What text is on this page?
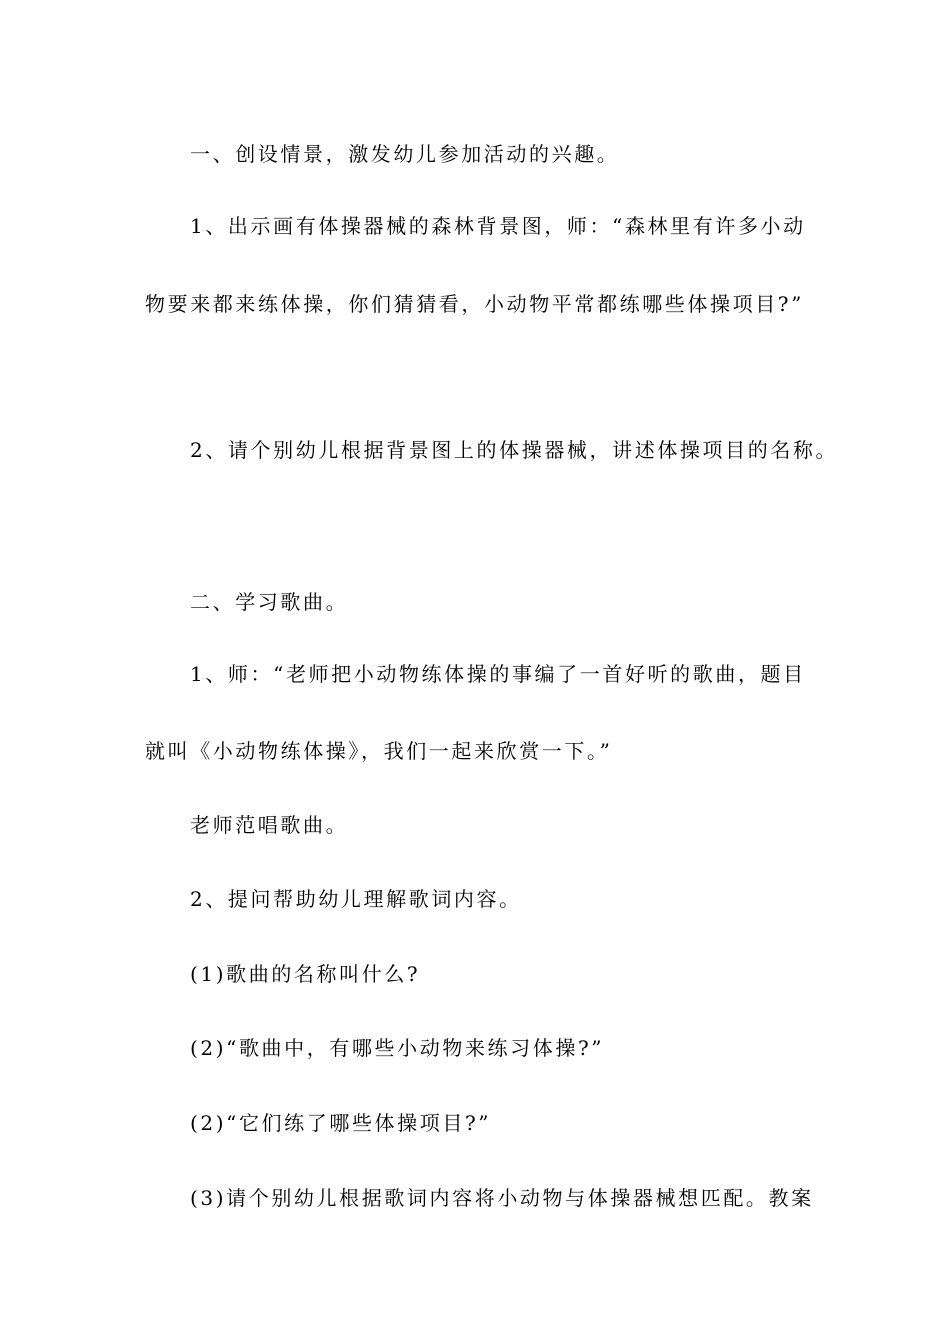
一、创设情景，激发幼儿参加活动的兴趣。
1、出示画有体操器械的森林背景图，师：“森林里有许多小动
物要来都来练体操，你们猜猜看，小动物平常都练哪些体操项目?”
2、请个别幼儿根据背景图上的体操器械，讲述体操项目的名称。
二、学习歌曲。
1、师：“老师把小动物练体操的事编了一首好听的歌曲，题目
就叫《小动物练体操》，我们一起来欣赏一下。”
老师范唱歌曲。
2、提问帮助幼儿理解歌词内容。
(1)歌曲的名称叫什么?
(2)“歌曲中，有哪些小动物来练习体操?”
(2)“它们练了哪些体操项目?”
(3)请个别幼儿根据歌词内容将小动物与体操器械想匹配。教案
